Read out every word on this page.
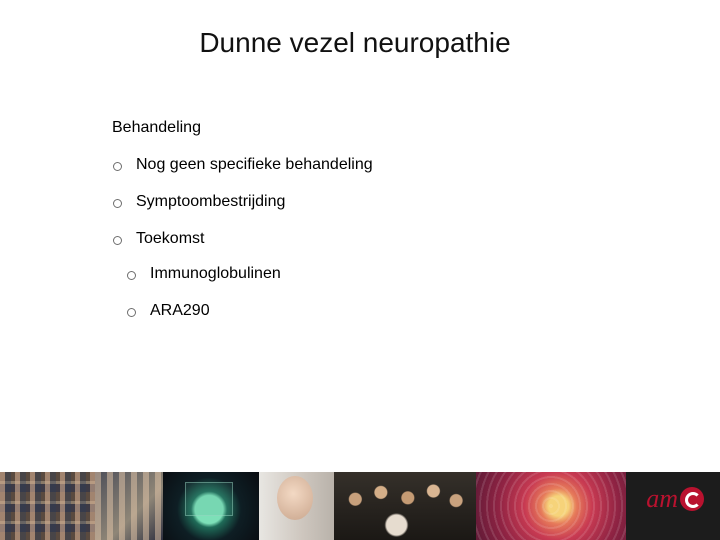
Dunne vezel neuropathie
Behandeling
Nog geen specifieke behandeling
Symptoombestrijding
Toekomst
Immunoglobulinen
ARA290
am
